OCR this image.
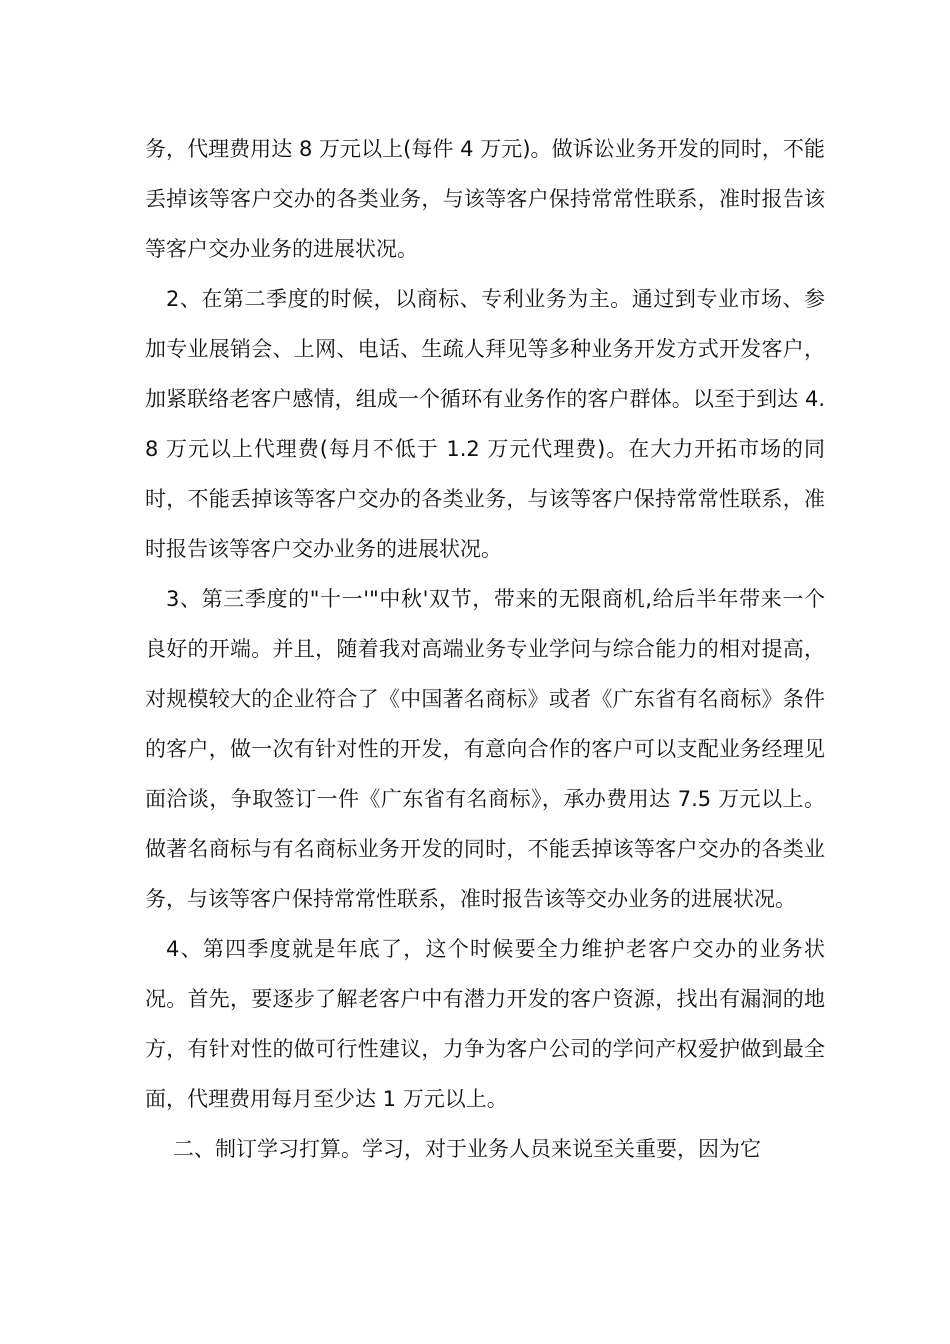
务，代理费用达 8 万元以上(每件 4 万元)。做诉讼业务开发的同时，不能丢掉该等客户交办的各类业务，与该等客户保持常常性联系，准时报告该等客户交办业务的进展状况。

2、在第二季度的时候，以商标、专利业务为主。通过到专业市场、参加专业展销会、上网、电话、生疏人拜见等多种业务开发方式开发客户，加紧联络老客户感情，组成一个循环有业务作的客户群体。以至于到达 4.8 万元以上代理费(每月不低于 1.2 万元代理费)。在大力开拓市场的同时，不能丢掉该等客户交办的各类业务，与该等客户保持常常性联系，准时报告该等客户交办业务的进展状况。

3、第三季度的"十一'"中秋'双节，带来的无限商机,给后半年带来一个良好的开端。并且，随着我对高端业务专业学问与综合能力的相对提高，对规模较大的企业符合了《中国著名商标》或者《广东省有名商标》条件的客户，做一次有针对性的开发，有意向合作的客户可以支配业务经理见面洽谈，争取签订一件《广东省有名商标》，承办费用达 7.5 万元以上。做著名商标与有名商标业务开发的同时，不能丢掉该等客户交办的各类业务，与该等客户保持常常性联系，准时报告该等交办业务的进展状况。

4、第四季度就是年底了，这个时候要全力维护老客户交办的业务状况。首先，要逐步了解老客户中有潜力开发的客户资源，找出有漏洞的地方，有针对性的做可行性建议，力争为客户公司的学问产权爱护做到最全面，代理费用每月至少达 1 万元以上。

二、制订学习打算。学习，对于业务人员来说至关重要，因为它
